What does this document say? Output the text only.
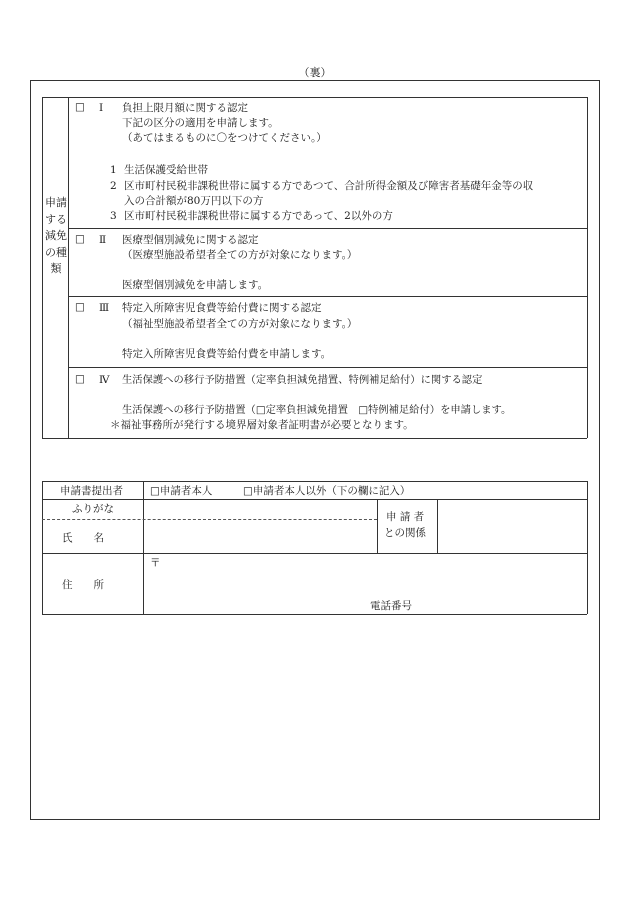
（裏）
申請する減免の種類
□ Ⅰ 負担上限月額に関する認定
下記の区分の適用を申請します。
（あてはまるものに〇をつけてください。）
1 生活保護受給世帯
2 区市町村民税非課税世帯に属する方であつて、合計所得金額及び障害者基礎年金等の収
入の合計額が80万円以下の方
3 区市町村民税非課税世帯に属する方であって、2以外の方
□ Ⅱ 医療型個別減免に関する認定
（医療型施設希望者全ての方が対象になります。）
医療型個別減免を申請します。
□ Ⅲ 特定入所障害児食費等給付費に関する認定
（福祉型施設希望者全ての方が対象になります。）
特定入所障害児食費等給付費を申請します。
□ Ⅳ 生活保護への移行予防措置（定率負担減免措置、特例補足給付）に関する認定
生活保護への移行予防措置（□定率負担減免措置　□特例補足給付）を申請します。
＊福祉事務所が発行する境界層対象者証明書が必要となります。
申請書提出者	□申請者本人	□申請者本人以外（下の欄に記入）
ふりがな
氏　　名
申 請 者
との関係
住　　所
〒
電話番号
